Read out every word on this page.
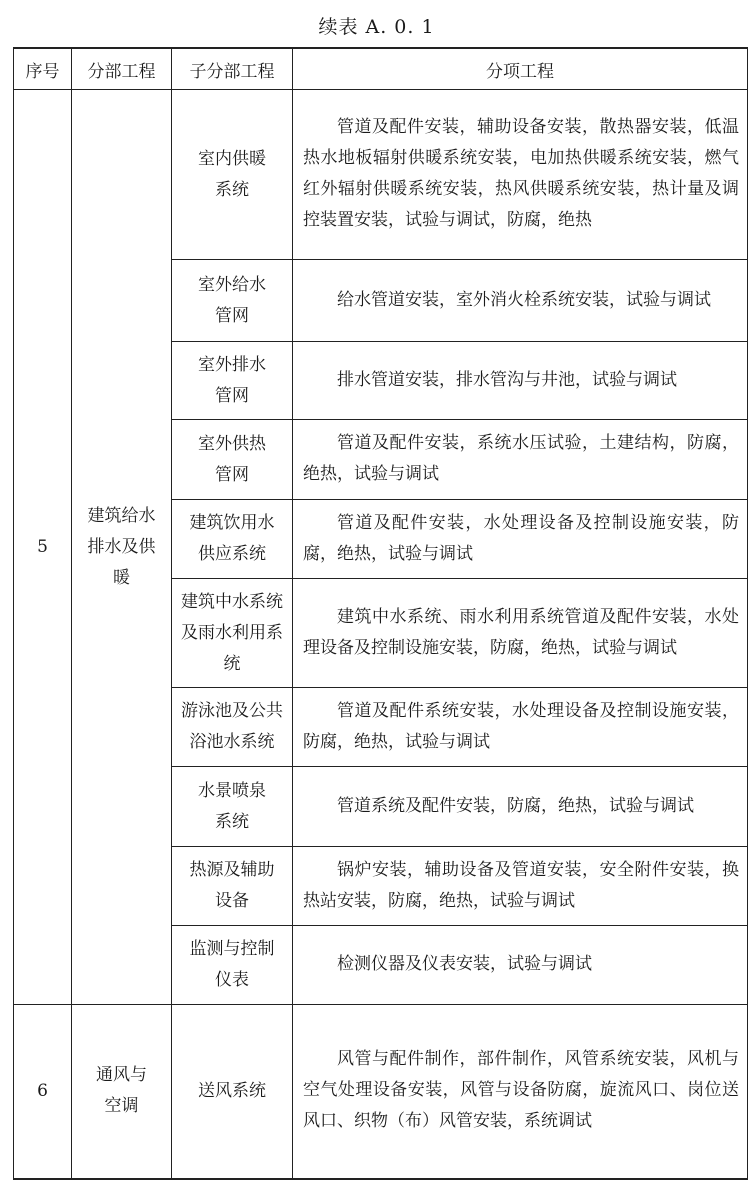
续表 A. 0. 1
序号	分部工程	子分部工程	分项工程
5	建筑给水排水及供暖	室内供暖系统	管道及配件安装，辅助设备安装，散热器安装，低温热水地板辐射供暖系统安装，电加热供暖系统安装，燃气红外辐射供暖系统安装，热风供暖系统安装，热计量及调控装置安装，试验与调试，防腐，绝热

		室外给水管网	给水管道安装，室外消火栓系统安装，试验与调试

		室外排水管网	排水管道安装，排水管沟与井池，试验与调试

		室外供热管网	管道及配件安装，系统水压试验，土建结构，防腐，绝热，试验与调试

		建筑饮用水供应系统	管道及配件安装，水处理设备及控制设施安装，防腐，绝热，试验与调试

		建筑中水系统及雨水利用系统	建筑中水系统、雨水利用系统管道及配件安装，水处理设备及控制设施安装，防腐，绝热，试验与调试

		游泳池及公共浴池水系统	管道及配件系统安装，水处理设备及控制设施安装，防腐，绝热，试验与调试

		水景喷泉系统	管道系统及配件安装，防腐，绝热，试验与调试

		热源及辅助设备	锅炉安装，辅助设备及管道安装，安全附件安装，换热站安装，防腐，绝热，试验与调试

		监测与控制仪表	检测仪器及仪表安装，试验与调试

6	通风与空调	送风系统	风管与配件制作，部件制作，风管系统安装，风机与空气处理设备安装，风管与设备防腐，旋流风口、岗位送风口、织物（布）风管安装，系统调试
